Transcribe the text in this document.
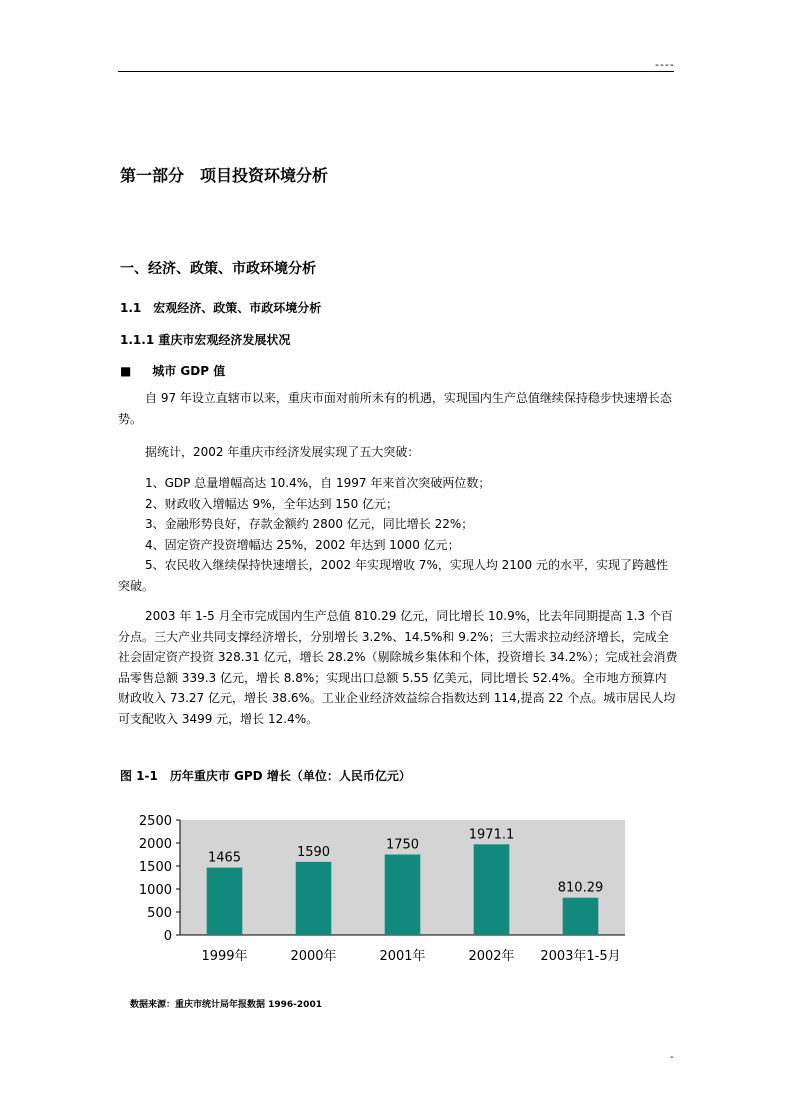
----
第一部分　项目投资环境分析
一、经济、政策、市政环境分析
1.1　宏观经济、政策、市政环境分析
1.1.1 重庆市宏观经济发展状况
■ 城市 GDP 值
自 97 年设立直辖市以来，重庆市面对前所未有的机遇，实现国内生产总值继续保持稳步快速增长态势。
据统计，2002 年重庆市经济发展实现了五大突破：
1、GDP 总量增幅高达 10.4%，自 1997 年来首次突破两位数；
2、财政收入增幅达 9%，全年达到 150 亿元；
3、金融形势良好，存款金额约 2800 亿元，同比增长 22%；
4、固定资产投资增幅达 25%，2002 年达到 1000 亿元；
5、农民收入继续保持快速增长，2002 年实现增收 7%，实现人均 2100 元的水平，实现了跨越性突破。
2003 年 1-5 月全市完成国内生产总值 810.29 亿元，同比增长 10.9%，比去年同期提高 1.3 个百分点。三大产业共同支撑经济增长，分别增长 3.2%、14.5%和 9.2%；三大需求拉动经济增长，完成全社会固定资产投资 328.31 亿元，增长 28.2%（剔除城乡集体和个体，投资增长 34.2%）；完成社会消费品零售总额 339.3 亿元，增长 8.8%；实现出口总额 5.55 亿美元，同比增长 52.4%。全市地方预算内财政收入 73.27 亿元，增长 38.6%。工业企业经济效益综合指数达到 114,提高 22 个点。城市居民人均可支配收入 3499 元，增长 12.4%。
图 1-1　历年重庆市 GPD 增长（单位：人民币亿元）
0
500
1000
1500
2000
2500
1465
1999年
1590
2000年
1750
2001年
1971.1
2002年
810.29
2003年1-5月
数据来源：重庆市统计局年报数据 1996-2001
-
